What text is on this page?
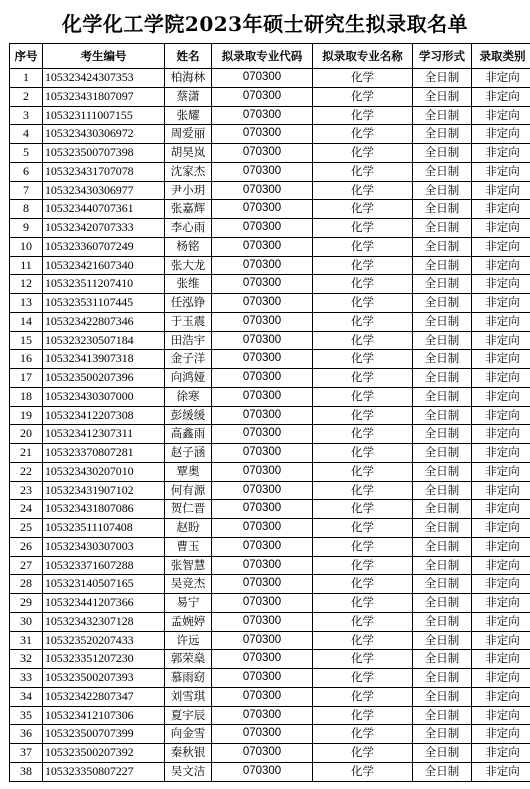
化学化工学院2023年硕士研究生拟录取名单
序号	考生编号	姓名	拟录取专业代码	拟录取专业名称	学习形式	录取类别
1	105323424307353	柏海林	070300	化学	全日制	非定向
2	105323431807097	蔡潇	070300	化学	全日制	非定向
3	105323111007155	张耀	070300	化学	全日制	非定向
4	105323430306972	周爱丽	070300	化学	全日制	非定向
5	105323500707398	胡昊岚	070300	化学	全日制	非定向
6	105323431707078	沈家杰	070300	化学	全日制	非定向
7	105323430306977	尹小玥	070300	化学	全日制	非定向
8	105323440707361	张嘉辉	070300	化学	全日制	非定向
9	105323420707333	李心雨	070300	化学	全日制	非定向
10	105323360707249	杨铭	070300	化学	全日制	非定向
11	105323421607340	张大龙	070300	化学	全日制	非定向
12	105323511207410	张维	070300	化学	全日制	非定向
13	105323531107445	任泓铮	070300	化学	全日制	非定向
14	105323422807346	于玉震	070300	化学	全日制	非定向
15	105323230507184	田浩宇	070300	化学	全日制	非定向
16	105323413907318	金子洋	070300	化学	全日制	非定向
17	105323500207396	向鸿娅	070300	化学	全日制	非定向
18	105323430307000	徐寒	070300	化学	全日制	非定向
19	105323412207308	彭缓缓	070300	化学	全日制	非定向
20	105323412307311	高鑫雨	070300	化学	全日制	非定向
21	105323370807281	赵子涵	070300	化学	全日制	非定向
22	105323430207010	覃奥	070300	化学	全日制	非定向
23	105323431907102	何有源	070300	化学	全日制	非定向
24	105323431807086	贺仁晋	070300	化学	全日制	非定向
25	105323511107408	赵盼	070300	化学	全日制	非定向
26	105323430307003	曹玉	070300	化学	全日制	非定向
27	105323371607288	张智慧	070300	化学	全日制	非定向
28	105323140507165	吴竞杰	070300	化学	全日制	非定向
29	105323441207366	易宁	070300	化学	全日制	非定向
30	105323432307128	孟婉婷	070300	化学	全日制	非定向
31	105323520207433	许远	070300	化学	全日制	非定向
32	105323351207230	郭荣燊	070300	化学	全日制	非定向
33	105323500207393	慕雨窈	070300	化学	全日制	非定向
34	105323422807347	刘雪琪	070300	化学	全日制	非定向
35	105323412107306	夏宇辰	070300	化学	全日制	非定向
36	105323500707399	向金雪	070300	化学	全日制	非定向
37	105323500207392	秦秋银	070300	化学	全日制	非定向
38	105323350807227	吴文洁	070300	化学	全日制	非定向
